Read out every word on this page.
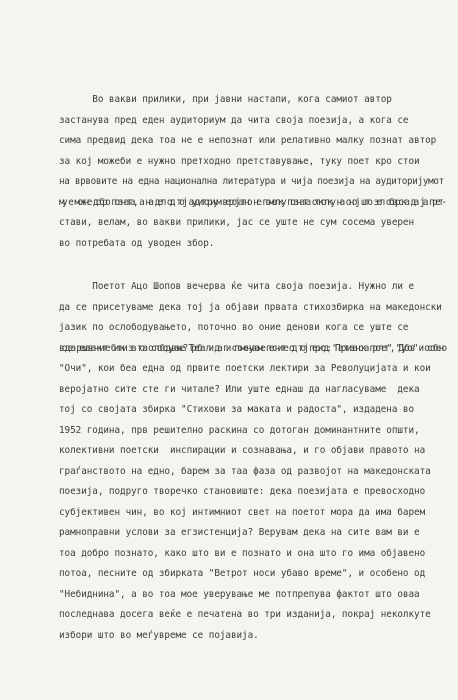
Во вакви прилики, при јавни настапи, кога самиот автор
застанува пред еден аудиториум да чита своја поезија, а кога се
сима предвид дека тоа не е непознат или релативно малку познат автор
за кој можеби е нужно претходно претставување, туку поет кро стои
на врвовите на една национална литература и чија поезија на аудиторијумот
му е можне добро позната, а на дел од тој аудиториум веројатно не помалку позната отколку на оној што зел обврска да ја прет-
стави, велам, во вакви прилики, јас се уште не сум сосема уверен
во потребата од уводен збор.
Поетот Ацо Шопов вечерва ќе чита своја поезија. Нужно ли е
да се присетуваме дека тој ја објави првата стихозбирка на македонски
јазик по ослободувањето, поточно во оние денови кога се уште се
водеа решавачките битки за тоа ослободување? Треба ли да ги споменуваме песните од тој период: "Партизанска пролет", "Дубов" и особено
"Очи", кои беа една од првите поетски лектири за Револуцијата и кои
веројатно сите сте ги читале? Или уште еднаш да нагласуваме  дека
тој со својата збирка "Стихови за маката и радоста", издадена во
1952 година, прв решително раскина со дотоган доминантните општи,
колективни поетски  инспирации и сознавања, и го објави правото на
граѓанството на едно, барем за таа фаза од развојот на македонската
поезија, подруго творечко становиште: дека поезијата е превосходно
субјективен чин, во кој интимниот свет на поетот мора да има барем
рамноправни услови за егзистенција? Верувам дека на сите вам ви е
тоа добро познато, како што ви е познато и она што го има објавено
потоа, песните од збирката "Ветрот носи убаво време", и особено од
"Небиднина", а во тоа мое уверување ме потпрепува фактот што оваа
последнава досега веќе е печатена во три изданија, покрај неколкуте
избори што во меѓувреме се појавија.
